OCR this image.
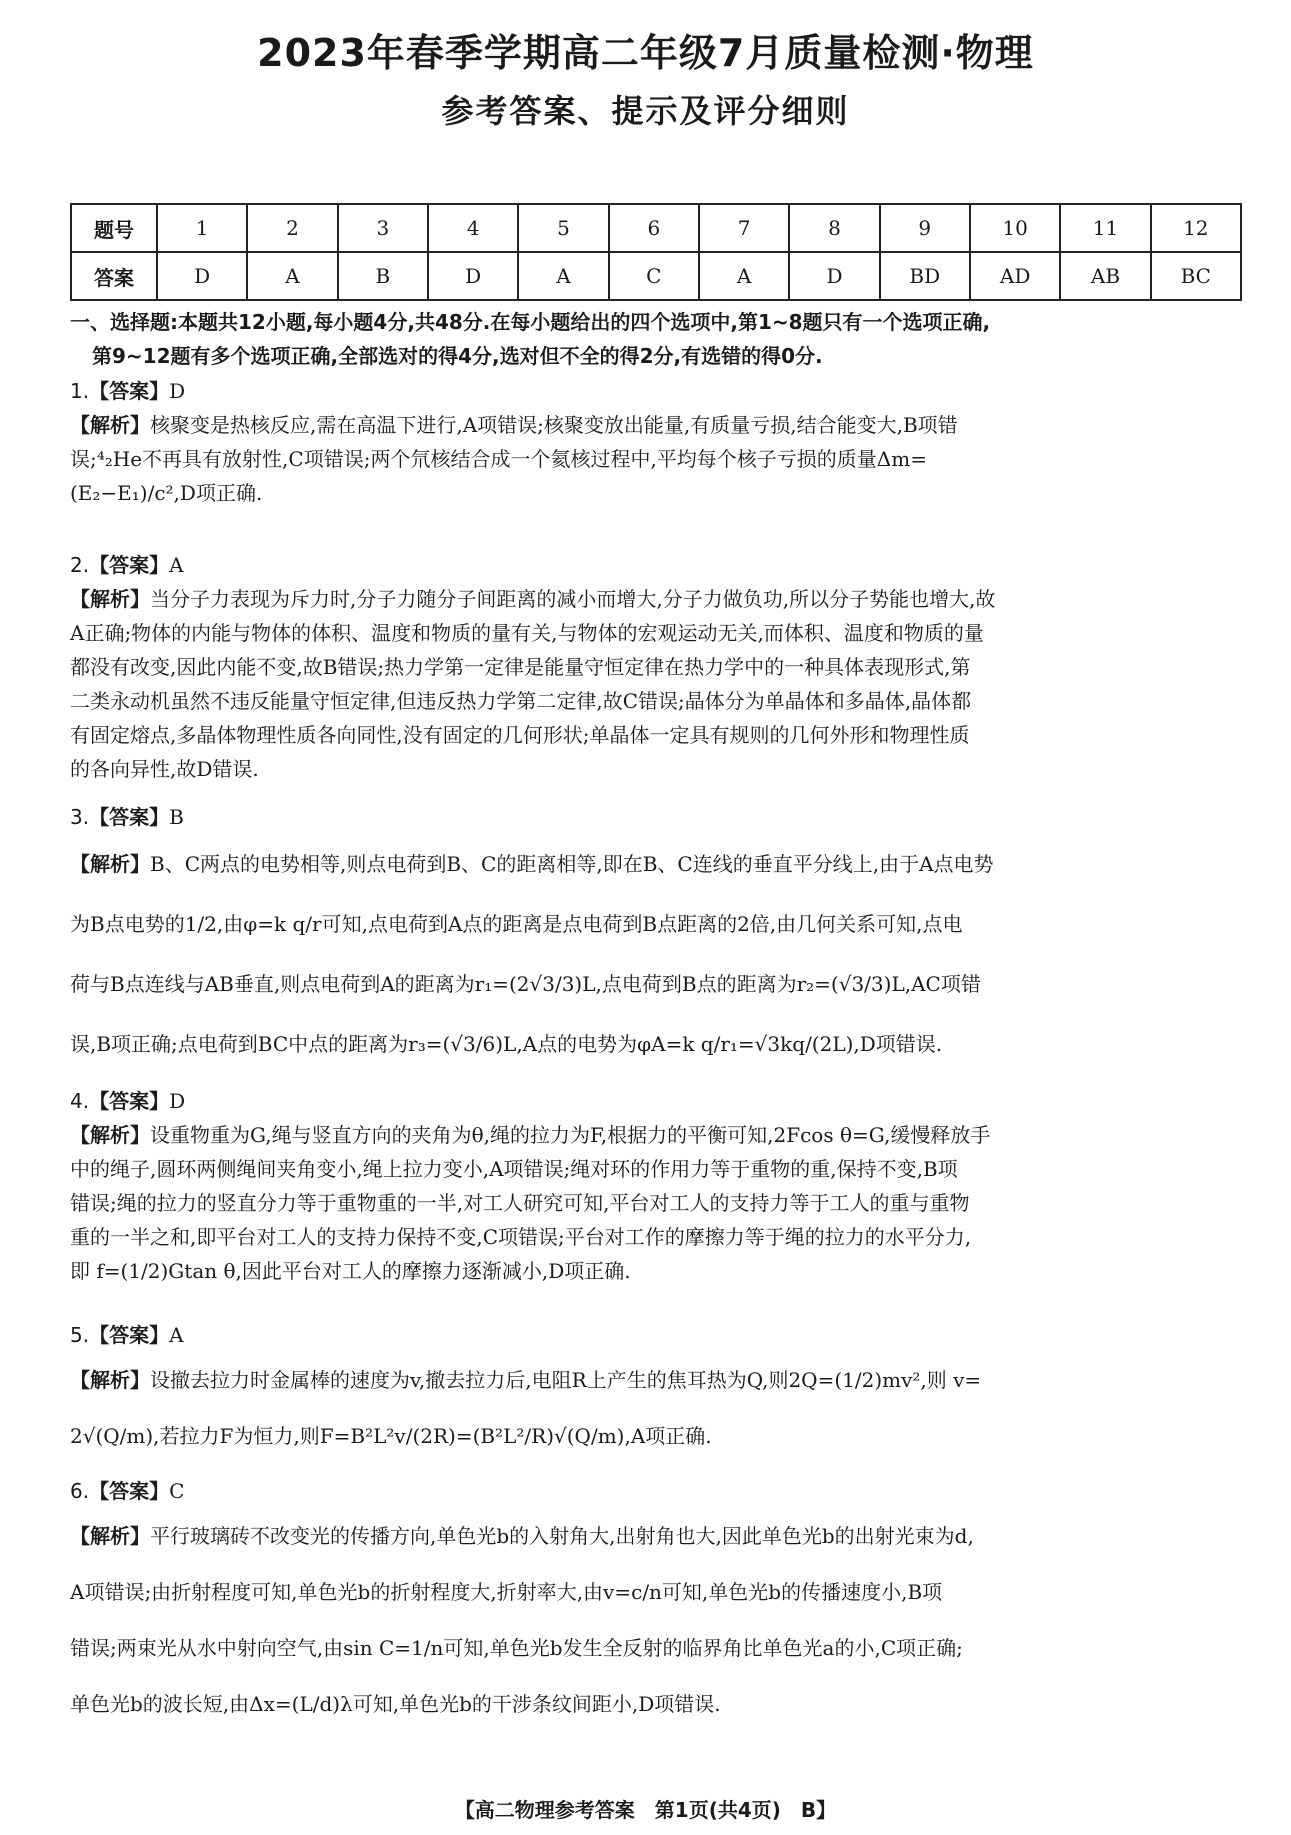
2023年春季学期高二年级7月质量检测·物理
参考答案、提示及评分细则
题号	1	2	3	4	5	6	7	8	9	10	11	12
答案	D	A	B	D	A	C	A	D	BD	AD	AB	BC
一、选择题:本题共12小题,每小题4分,共48分.在每小题给出的四个选项中,第1~8题只有一个选项正确,
第9~12题有多个选项正确,全部选对的得4分,选对但不全的得2分,有选错的得0分.
1.【答案】D
【解析】核聚变是热核反应,需在高温下进行,A项错误;核聚变放出能量,有质量亏损,结合能变大,B项错
误;⁴₂He不再具有放射性,C项错误;两个氘核结合成一个氦核过程中,平均每个核子亏损的质量Δm=
(E₂−E₁)/c²,D项正确.
2.【答案】A
【解析】当分子力表现为斥力时,分子力随分子间距离的减小而增大,分子力做负功,所以分子势能也增大,故
A正确;物体的内能与物体的体积、温度和物质的量有关,与物体的宏观运动无关,而体积、温度和物质的量
都没有改变,因此内能不变,故B错误;热力学第一定律是能量守恒定律在热力学中的一种具体表现形式,第
二类永动机虽然不违反能量守恒定律,但违反热力学第二定律,故C错误;晶体分为单晶体和多晶体,晶体都
有固定熔点,多晶体物理性质各向同性,没有固定的几何形状;单晶体一定具有规则的几何外形和物理性质
的各向异性,故D错误.
3.【答案】B
【解析】B、C两点的电势相等,则点电荷到B、C的距离相等,即在B、C连线的垂直平分线上,由于A点电势
为B点电势的1/2,由φ=k q/r可知,点电荷到A点的距离是点电荷到B点距离的2倍,由几何关系可知,点电
荷与B点连线与AB垂直,则点电荷到A的距离为r₁=(2√3/3)L,点电荷到B点的距离为r₂=(√3/3)L,AC项错
误,B项正确;点电荷到BC中点的距离为r₃=(√3/6)L,A点的电势为φA=k q/r₁=√3kq/(2L),D项错误.
4.【答案】D
【解析】设重物重为G,绳与竖直方向的夹角为θ,绳的拉力为F,根据力的平衡可知,2Fcos θ=G,缓慢释放手
中的绳子,圆环两侧绳间夹角变小,绳上拉力变小,A项错误;绳对环的作用力等于重物的重,保持不变,B项
错误;绳的拉力的竖直分力等于重物重的一半,对工人研究可知,平台对工人的支持力等于工人的重与重物
重的一半之和,即平台对工人的支持力保持不变,C项错误;平台对工作的摩擦力等于绳的拉力的水平分力,
即 f=(1/2)Gtan θ,因此平台对工人的摩擦力逐渐减小,D项正确.
5.【答案】A
【解析】设撤去拉力时金属棒的速度为v,撤去拉力后,电阻R上产生的焦耳热为Q,则2Q=(1/2)mv²,则 v=
2√(Q/m),若拉力F为恒力,则F=B²L²v/(2R)=(B²L²/R)√(Q/m),A项正确.
6.【答案】C
【解析】平行玻璃砖不改变光的传播方向,单色光b的入射角大,出射角也大,因此单色光b的出射光束为d,
A项错误;由折射程度可知,单色光b的折射程度大,折射率大,由v=c/n可知,单色光b的传播速度小,B项
错误;两束光从水中射向空气,由sin C=1/n可知,单色光b发生全反射的临界角比单色光a的小,C项正确;
单色光b的波长短,由Δx=(L/d)λ可知,单色光b的干涉条纹间距小,D项错误.
【高二物理参考答案　第1页(共4页)　B】
